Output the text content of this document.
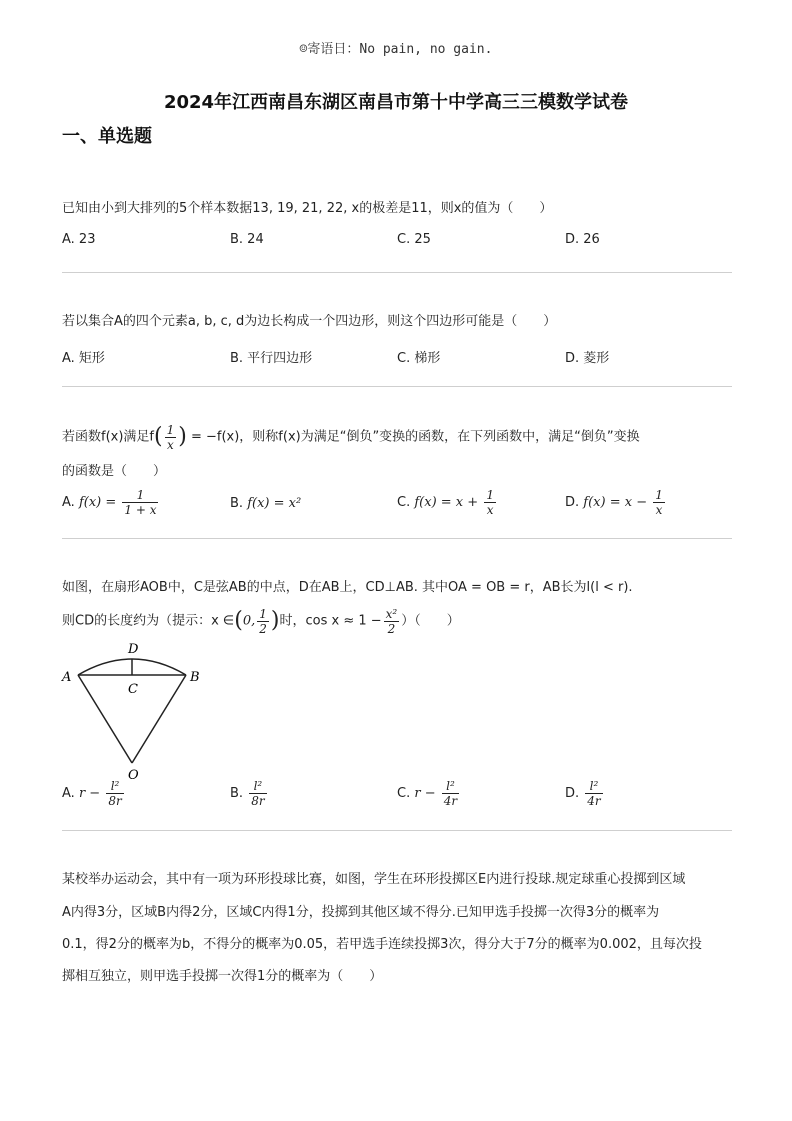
☺寄语日：No pain, no gain.
2024年江西南昌东湖区南昌市第十中学高三三模数学试卷
一、单选题
已知由小到大排列的5个样本数据13, 19, 21, 22, x的极差是11，则x的值为（　　）
A. 23	B. 24	C. 25	D. 26
若以集合A的四个元素a, b, c, d为边长构成一个四边形，则这个四边形可能是（　　）
A. 矩形	B. 平行四边形	C. 梯形	D. 菱形
若函数f(x)满足$f( \frac{1}{x}$ ) = −f(x)，则称f(x)为满足“倒负”变换的函数，在下列函数中，满足“倒负”变换
的函数是（　　）
A. $f(x) = \frac{1}{1 + x}$	B. f(x) = x²	C. $f(x) = x + \frac{1}{x}$	D. $f(x) = x - \frac{1}{x}$
如图，在扇形AOB中，C是弦AB的中点，D在AB上，CD⊥AB. 其中OA = OB = r，AB长为l(l < r).
则CD的长度约为（提示：x ∈(0, $\frac{1}{2}$ )时，$\cos x \approx 1 - \frac{\text{x²}}{2}$ ）（　　）
A	B
C
D
O
A. $r - \frac{\text{l²}}{8r}$	B. $\frac{\text{l²}}{8r}$	C. $r - \frac{\text{l²}}{4r}$	D. $\frac{\text{l²}}{4r}$
某校举办运动会，其中有一项为环形投球比赛，如图，学生在环形投掷区E内进行投球.规定球重心投掷到区域
A内得3分，区域B内得2分，区域C内得1分，投掷到其他区域不得分.已知甲选手投掷一次得3分的概率为
0.1，得2分的概率为b，不得分的概率为0.05，若甲选手连续投掷3次，得分大于7分的概率为0.002，且每次投
掷相互独立，则甲选手投掷一次得1分的概率为（　　）
